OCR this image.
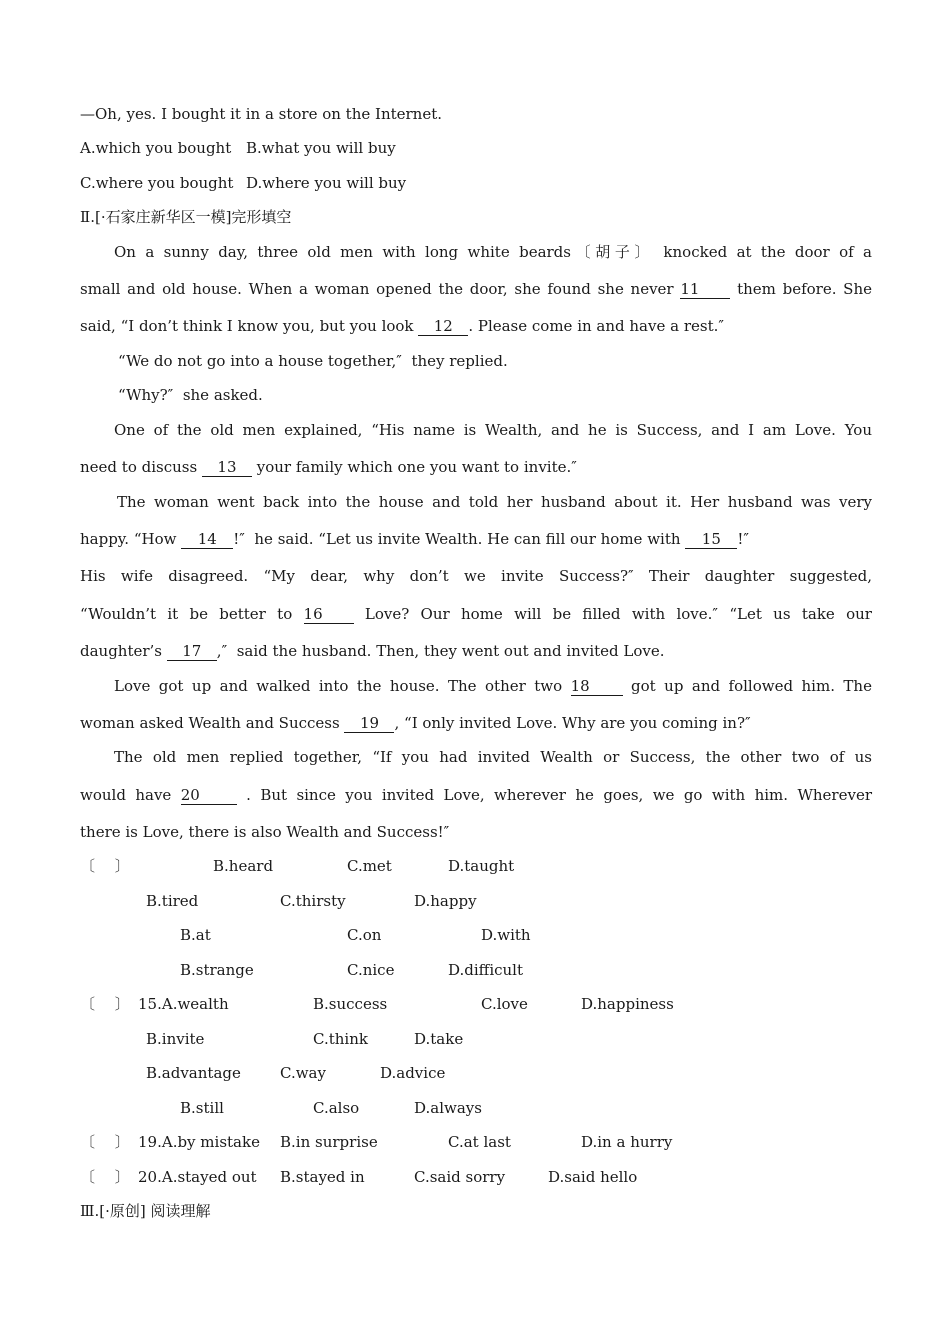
—Oh, yes. I bought it in a store on the Internet.
A.which you bought B.what you will buy
C.where you bought D.where you will buy
Ⅱ.[·石家庄新华区一模]完形填空
On a sunny day, three old men with long white beards〔胡子〕 knocked at the door of a
small and old house. When a woman opened the door, she found she never 11	them before. She
said, “I don’t think I know you, but you look 12 . Please come in and have a rest.″
“We do not go into a house together,″  they replied.
“Why?″  she asked.
One of the old men explained, “His name is Wealth, and he is Success, and I am Love. You
need to discuss 13 your family which one you want to invite.″
The woman went back into the house and told her husband about it. Her husband was very
happy. “How 14 !″  he said. “Let us invite Wealth. He can fill our home with 15 !″
His wife disagreed. “My dear, why don’t we invite Success?″ Their daughter suggested,
“Wouldn’t it be better to 16	Love? Our home will be filled with love.″ “Let us take our
daughter’s 17 ,″  said the husband. Then, they went out and invited Love.
Love got up and walked into the house. The other two 18	got up and followed him. The
woman asked Wealth and Success 19 , “I only invited Love. Why are you coming in?″
The old men replied together, “If you had invited Wealth or Success, the other two of us
would have 20	. But since you invited Love, wherever he goes, we go with him. Wherever
there is Love, there is also Wealth and Success!″
〔　 〕	B.heard	C.met	D.taught
B.tired	C.thirsty	D.happy
B.at	C.on	D.with
B.strange	C.nice	D.difficult
〔　 〕 15.A.wealth	B.success	C.love	D.happiness
B.invite	C.think	D.take
B.advantage	C.way	D.advice
B.still	C.also	D.always
〔　 〕 19.A.by mistake B.in surprise	C.at last	D.in a hurry
〔　 〕 20.A.stayed out B.stayed in	C.said sorry	D.said hello
Ⅲ.[·原创] 阅读理解
